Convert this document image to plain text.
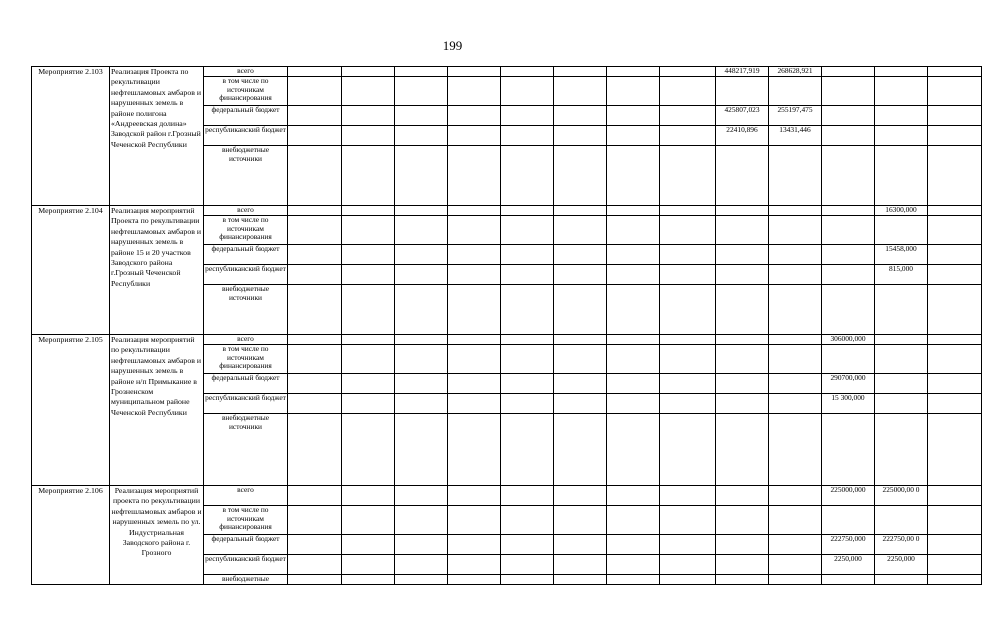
199
Мероприятие 2.103	Реализация Проекта по рекультивации нефтешламовых амбаров и нарушенных земель в районе полигона «Андреевская долина» Заводской район г.Грозный Чеченской Республики	всего									448217,919	268628,921			
		в том числе по источникам финансирования													
		федеральный бюджет									425807,023	255197,475			
		республиканский бюджет									22410,896	13431,446			
		внебюджетные источники													
Мероприятие 2.104	Реализация мероприятий Проекта по рекультивации нефтешламовых амбаров и нарушенных земель в районе 15 и 20 участков Заводского района г.Грозный Чеченской Республики	всего												16300,000	
		в том числе по источникам финансирования													
		федеральный бюджет												15458,000	
		республиканский бюджет												815,000	
		внебюджетные источники													
Мероприятие 2.105	Реализация мероприятий по рекультивации нефтешламовых амбаров и нарушенных земель в районе н/п Примыкание в Грозненском муниципальном районе Чеченской Республики	всего											306000,000		
		в том числе по источникам финансирования													
		федеральный бюджет											290700,000		
		республиканский бюджет											15 300,000		
		внебюджетные источники													
Мероприятие 2.106	Реализация мероприятий проекта по рекультивации нефтешламовых амбаров и нарушенных земель по ул. Индустриальная Заводского района г. Грозного	всего											225000,000	225000,00 0	
		в том числе по источникам финансирования													
		федеральный бюджет											222750,000	222750,00 0	
		республиканский бюджет											2250,000	2250,000	
		внебюджетные													
